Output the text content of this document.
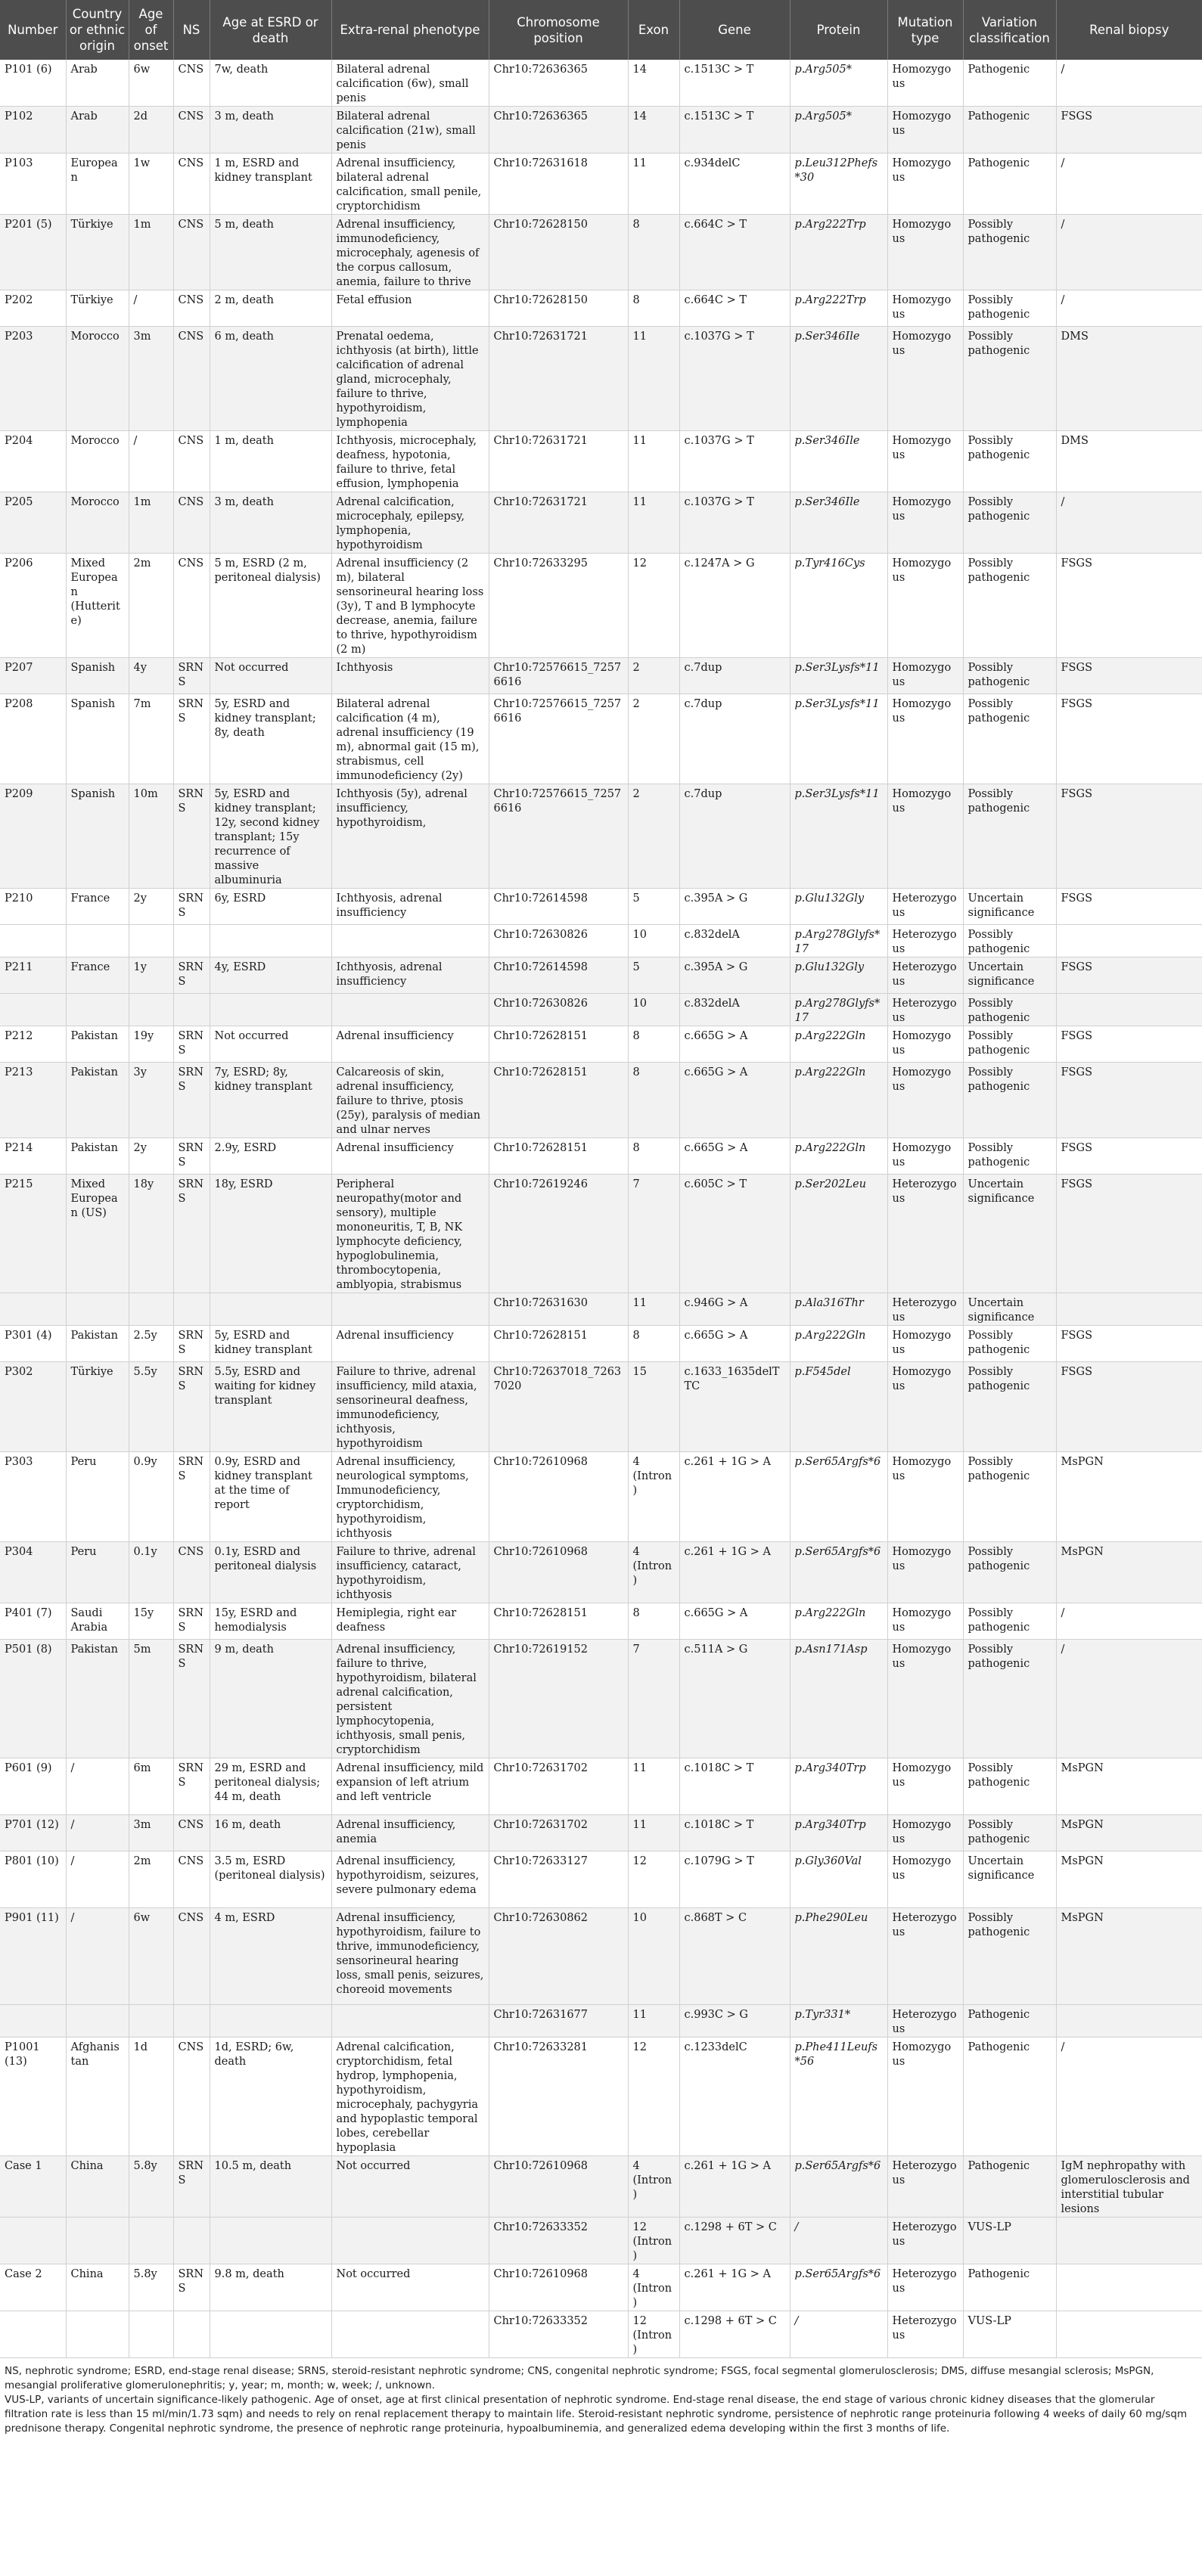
Number	Country or ethnic origin	Age of onset	NS	Age at ESRD or death	Extra-renal phenotype	Chromosome position	Exon	Gene	Protein	Mutation type	Variation classification	Renal biopsy
P101 (6)	Arab	6w	CNS	7w, death	Bilateral adrenal calcification (6w), small penis	Chr10:72636365	14	c.1513C > T	p.Arg505*	Homozygous	Pathogenic	/
P102	Arab	2d	CNS	3 m, death	Bilateral adrenal calcification (21w), small penis	Chr10:72636365	14	c.1513C > T	p.Arg505*	Homozygous	Pathogenic	FSGS
P103	European	1w	CNS	1 m, ESRD and kidney transplant	Adrenal insufficiency, bilateral adrenal calcification, small penile, cryptorchidism	Chr10:72631618	11	c.934delC	p.Leu312Phefs*30	Homozygous	Pathogenic	/
P201 (5)	Türkiye	1m	CNS	5 m, death	Adrenal insufficiency, immunodeficiency, microcephaly, agenesis of the corpus callosum, anemia, failure to thrive	Chr10:72628150	8	c.664C > T	p.Arg222Trp	Homozygous	Possibly pathogenic	/
P202	Türkiye	/	CNS	2 m, death	Fetal effusion	Chr10:72628150	8	c.664C > T	p.Arg222Trp	Homozygous	Possibly pathogenic	/
P203	Morocco	3m	CNS	6 m, death	Prenatal oedema, ichthyosis (at birth), little calcification of adrenal gland, microcephaly, failure to thrive, hypothyroidism, lymphopenia	Chr10:72631721	11	c.1037G > T	p.Ser346Ile	Homozygous	Possibly pathogenic	DMS
P204	Morocco	/	CNS	1 m, death	Ichthyosis, microcephaly, deafness, hypotonia, failure to thrive, fetal effusion, lymphopenia	Chr10:72631721	11	c.1037G > T	p.Ser346Ile	Homozygous	Possibly pathogenic	DMS
P205	Morocco	1m	CNS	3 m, death	Adrenal calcification, microcephaly, epilepsy, lymphopenia, hypothyroidism	Chr10:72631721	11	c.1037G > T	p.Ser346Ile	Homozygous	Possibly pathogenic	/
P206	Mixed European (Hutterite)	2m	CNS	5 m, ESRD (2 m, peritoneal dialysis)	Adrenal insufficiency (2 m), bilateral sensorineural hearing loss (3y), T and B lymphocyte decrease, anemia, failure to thrive, hypothyroidism (2 m)	Chr10:72633295	12	c.1247A > G	p.Tyr416Cys	Homozygous	Possibly pathogenic	FSGS
P207	Spanish	4y	SRNS	Not occurred	Ichthyosis	Chr10:72576615_72576616	2	c.7dup	p.Ser3Lysfs*11	Homozygous	Possibly pathogenic	FSGS
P208	Spanish	7m	SRNS	5y, ESRD and kidney transplant; 8y, death	Bilateral adrenal calcification (4 m), adrenal insufficiency (19 m), abnormal gait (15 m), strabismus, cell immunodeficiency (2y)	Chr10:72576615_72576616	2	c.7dup	p.Ser3Lysfs*11	Homozygous	Possibly pathogenic	FSGS
P209	Spanish	10m	SRNS	5y, ESRD and kidney transplant; 12y, second kidney transplant; 15y recurrence of massive albuminuria	Ichthyosis (5y), adrenal insufficiency, hypothyroidism,	Chr10:72576615_72576616	2	c.7dup	p.Ser3Lysfs*11	Homozygous	Possibly pathogenic	FSGS
P210	France	2y	SRNS	6y, ESRD	Ichthyosis, adrenal insufficiency	Chr10:72614598	5	c.395A > G	p.Glu132Gly	Heterozygous	Uncertain significance	FSGS
						Chr10:72630826	10	c.832delA	p.Arg278Glyfs*17	Heterozygous	Possibly pathogenic	
P211	France	1y	SRNS	4y, ESRD	Ichthyosis, adrenal insufficiency	Chr10:72614598	5	c.395A > G	p.Glu132Gly	Heterozygous	Uncertain significance	FSGS
						Chr10:72630826	10	c.832delA	p.Arg278Glyfs*17	Heterozygous	Possibly pathogenic	
P212	Pakistan	19y	SRNS	Not occurred	Adrenal insufficiency	Chr10:72628151	8	c.665G > A	p.Arg222Gln	Homozygous	Possibly pathogenic	FSGS
P213	Pakistan	3y	SRNS	7y, ESRD; 8y, kidney transplant	Calcareosis of skin, adrenal insufficiency, failure to thrive, ptosis (25y), paralysis of median and ulnar nerves	Chr10:72628151	8	c.665G > A	p.Arg222Gln	Homozygous	Possibly pathogenic	FSGS
P214	Pakistan	2y	SRNS	2.9y, ESRD	Adrenal insufficiency	Chr10:72628151	8	c.665G > A	p.Arg222Gln	Homozygous	Possibly pathogenic	FSGS
P215	Mixed European (US)	18y	SRNS	18y, ESRD	Peripheral neuropathy(motor and sensory), multiple mononeuritis, T, B, NK lymphocyte deficiency, hypoglobulinemia, thrombocytopenia, amblyopia, strabismus	Chr10:72619246	7	c.605C > T	p.Ser202Leu	Heterozygous	Uncertain significance	FSGS
						Chr10:72631630	11	c.946G > A	p.Ala316Thr	Heterozygous	Uncertain significance	
P301 (4)	Pakistan	2.5y	SRNS	5y, ESRD and kidney transplant	Adrenal insufficiency	Chr10:72628151	8	c.665G > A	p.Arg222Gln	Homozygous	Possibly pathogenic	FSGS
P302	Türkiye	5.5y	SRNS	5.5y, ESRD and waiting for kidney transplant	Failure to thrive, adrenal insufficiency, mild ataxia, sensorineural deafness, immunodeficiency, ichthyosis, hypothyroidism	Chr10:72637018_72637020	15	c.1633_1635delTTC	p.F545del	Homozygous	Possibly pathogenic	FSGS
P303	Peru	0.9y	SRNS	0.9y, ESRD and kidney transplant at the time of report	Adrenal insufficiency, neurological symptoms, Immunodeficiency, cryptorchidism, hypothyroidism, ichthyosis	Chr10:72610968	4 (Intron)	c.261 + 1G > A	p.Ser65Argfs*6	Homozygous	Possibly pathogenic	MsPGN
P304	Peru	0.1y	CNS	0.1y, ESRD and peritoneal dialysis	Failure to thrive, adrenal insufficiency, cataract, hypothyroidism, ichthyosis	Chr10:72610968	4 (Intron)	c.261 + 1G > A	p.Ser65Argfs*6	Homozygous	Possibly pathogenic	MsPGN
P401 (7)	Saudi Arabia	15y	SRNS	15y, ESRD and hemodialysis	Hemiplegia, right ear deafness	Chr10:72628151	8	c.665G > A	p.Arg222Gln	Homozygous	Possibly pathogenic	/
P501 (8)	Pakistan	5m	SRNS	9 m, death	Adrenal insufficiency, failure to thrive, hypothyroidism, bilateral adrenal calcification, persistent lymphocytopenia, ichthyosis, small penis, cryptorchidism	Chr10:72619152	7	c.511A > G	p.Asn171Asp	Homozygous	Possibly pathogenic	/
P601 (9)	/	6m	SRNS	29 m, ESRD and peritoneal dialysis; 44 m, death	Adrenal insufficiency, mild expansion of left atrium and left ventricle	Chr10:72631702	11	c.1018C > T	p.Arg340Trp	Homozygous	Possibly pathogenic	MsPGN
P701 (12)	/	3m	CNS	16 m, death	Adrenal insufficiency, anemia	Chr10:72631702	11	c.1018C > T	p.Arg340Trp	Homozygous	Possibly pathogenic	MsPGN
P801 (10)	/	2m	CNS	3.5 m, ESRD (peritoneal dialysis)	Adrenal insufficiency, hypothyroidism, seizures, severe pulmonary edema	Chr10:72633127	12	c.1079G > T	p.Gly360Val	Homozygous	Uncertain significance	MsPGN
P901 (11)	/	6w	CNS	4 m, ESRD	Adrenal insufficiency, hypothyroidism, failure to thrive, immunodeficiency, sensorineural hearing loss, small penis, seizures, choreoid movements	Chr10:72630862	10	c.868T > C	p.Phe290Leu	Heterozygous	Possibly pathogenic	MsPGN
						Chr10:72631677	11	c.993C > G	p.Tyr331*	Heterozygous	Pathogenic	
P1001 (13)	Afghanistan	1d	CNS	1d, ESRD; 6w, death	Adrenal calcification, cryptorchidism, fetal hydrop, lymphopenia, hypothyroidism, microcephaly, pachygyria and hypoplastic temporal lobes, cerebellar hypoplasia	Chr10:72633281	12	c.1233delC	p.Phe411Leufs*56	Homozygous	Pathogenic	/
Case 1	China	5.8y	SRNS	10.5 m, death	Not occurred	Chr10:72610968	4 (Intron)	c.261 + 1G > A	p.Ser65Argfs*6	Heterozygous	Pathogenic	IgM nephropathy with glomerulosclerosis and interstitial tubular lesions
						Chr10:72633352	12 (Intron)	c.1298 + 6T > C	/	Heterozygous	VUS-LP	
Case 2	China	5.8y	SRNS	9.8 m, death	Not occurred	Chr10:72610968	4 (Intron)	c.261 + 1G > A	p.Ser65Argfs*6	Heterozygous	Pathogenic	
						Chr10:72633352	12 (Intron)	c.1298 + 6T > C	/	Heterozygous	VUS-LP	

NS, nephrotic syndrome; ESRD, end-stage renal disease; SRNS, steroid-resistant nephrotic syndrome; CNS, congenital nephrotic syndrome; FSGS, focal segmental glomerulosclerosis; DMS, diffuse mesangial sclerosis; MsPGN, mesangial proliferative glomerulonephritis; y, year; m, month; w, week; /, unknown.

VUS-LP, variants of uncertain significance-likely pathogenic. Age of onset, age at first clinical presentation of nephrotic syndrome. End-stage renal disease, the end stage of various chronic kidney diseases that the glomerular filtration rate is less than 15 ml/min/1.73 sqm) and needs to rely on renal replacement therapy to maintain life. Steroid-resistant nephrotic syndrome, persistence of nephrotic range proteinuria following 4 weeks of daily 60 mg/sqm prednisone therapy. Congenital nephrotic syndrome, the presence of nephrotic range proteinuria, hypoalbuminemia, and generalized edema developing within the first 3 months of life.
